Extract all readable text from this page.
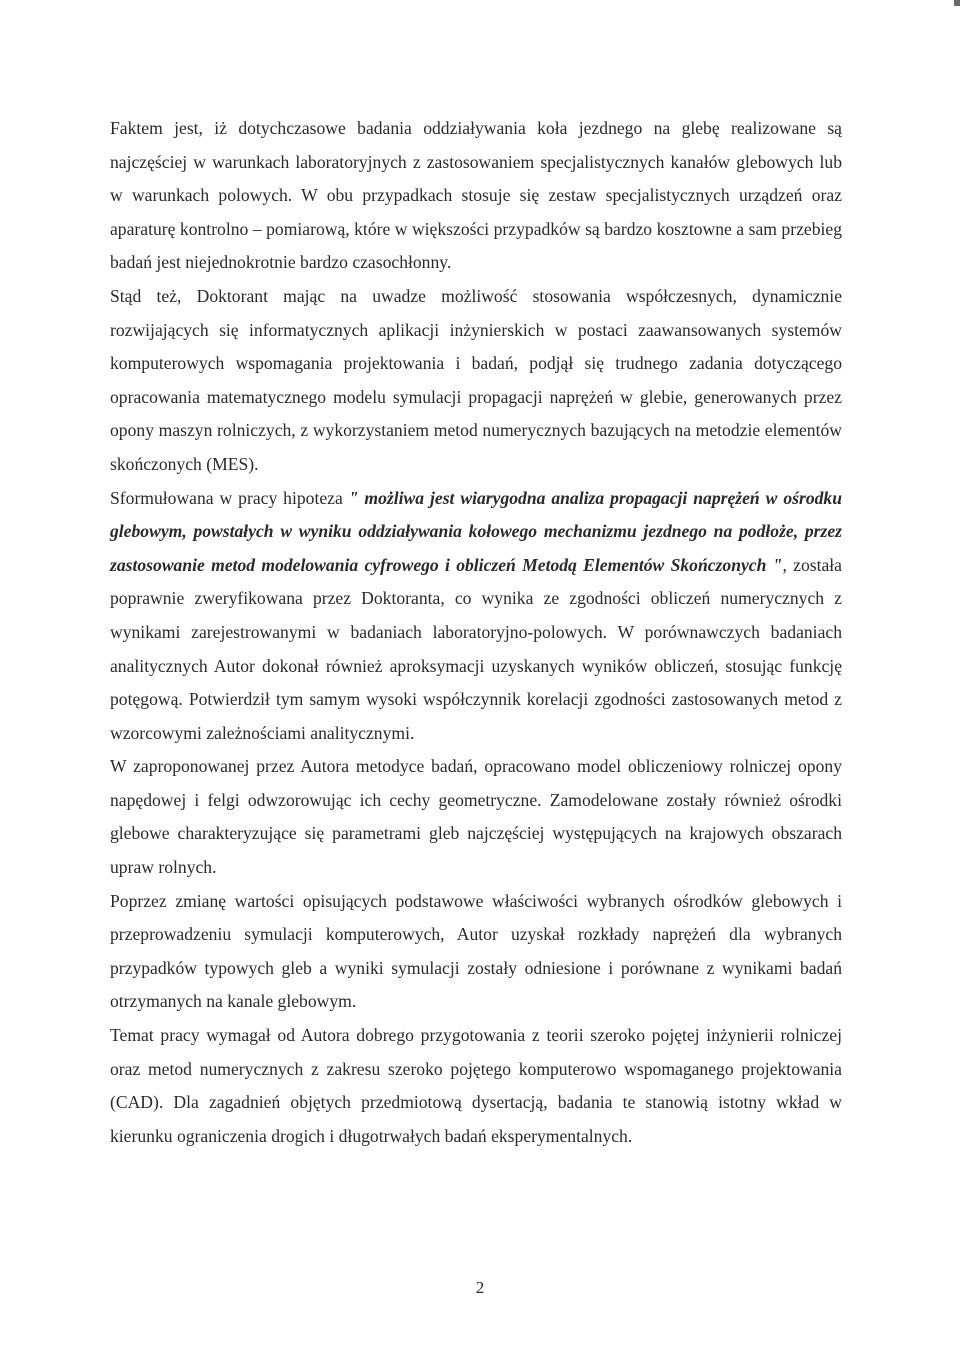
Faktem jest, iż dotychczasowe badania oddziaływania koła jezdnego na glebę realizowane są najczęściej w warunkach laboratoryjnych z zastosowaniem specjalistycznych kanałów glebowych lub w warunkach polowych. W obu przypadkach stosuje się zestaw specjalistycznych urządzeń oraz aparaturę kontrolno – pomiarową, które w większości przypadków są bardzo kosztowne a sam przebieg badań jest niejednokrotnie bardzo czasochłonny.

Stąd też, Doktorant mając na uwadze możliwość stosowania współczesnych, dynamicznie rozwijających się informatycznych aplikacji inżynierskich w postaci zaawansowanych systemów komputerowych wspomagania projektowania i badań, podjął się trudnego zadania dotyczącego opracowania matematycznego modelu symulacji propagacji naprężeń w glebie, generowanych przez opony maszyn rolniczych, z wykorzystaniem metod numerycznych bazujących na metodzie elementów skończonych (MES).

Sformułowana w pracy hipoteza " możliwa jest wiarygodna analiza propagacji naprężeń w ośrodku glebowym, powstałych w wyniku oddziaływania kołowego mechanizmu jezdnego na podłoże, przez zastosowanie metod modelowania cyfrowego i obliczeń Metodą Elementów Skończonych ", została poprawnie zweryfikowana przez Doktoranta, co wynika ze zgodności obliczeń numerycznych z wynikami zarejestrowanymi w badaniach laboratoryjno-polowych. W porównawczych badaniach analitycznych Autor dokonał również aproksymacji uzyskanych wyników obliczeń, stosując funkcję potęgową. Potwierdził tym samym wysoki współczynnik korelacji zgodności zastosowanych metod z wzorcowymi zależnościami analitycznymi.

W zaproponowanej przez Autora metodyce badań, opracowano model obliczeniowy rolniczej opony napędowej i felgi odwzorowując ich cechy geometryczne. Zamodelowane zostały również ośrodki glebowe charakteryzujące się parametrami gleb najczęściej występujących na krajowych obszarach upraw rolnych.

Poprzez zmianę wartości opisujących podstawowe właściwości wybranych ośrodków glebowych i przeprowadzeniu symulacji komputerowych, Autor uzyskał rozkłady naprężeń dla wybranych przypadków typowych gleb a wyniki symulacji zostały odniesione i porównane z wynikami badań otrzymanych na kanale glebowym.

Temat pracy wymagał od Autora dobrego przygotowania z teorii szeroko pojętej inżynierii rolniczej oraz metod numerycznych z zakresu szeroko pojętego komputerowo wspomaganego projektowania (CAD). Dla zagadnień objętych przedmiotową dysertacją, badania te stanowią istotny wkład w kierunku ograniczenia drogich i długotrwałych badań eksperymentalnych.

2
